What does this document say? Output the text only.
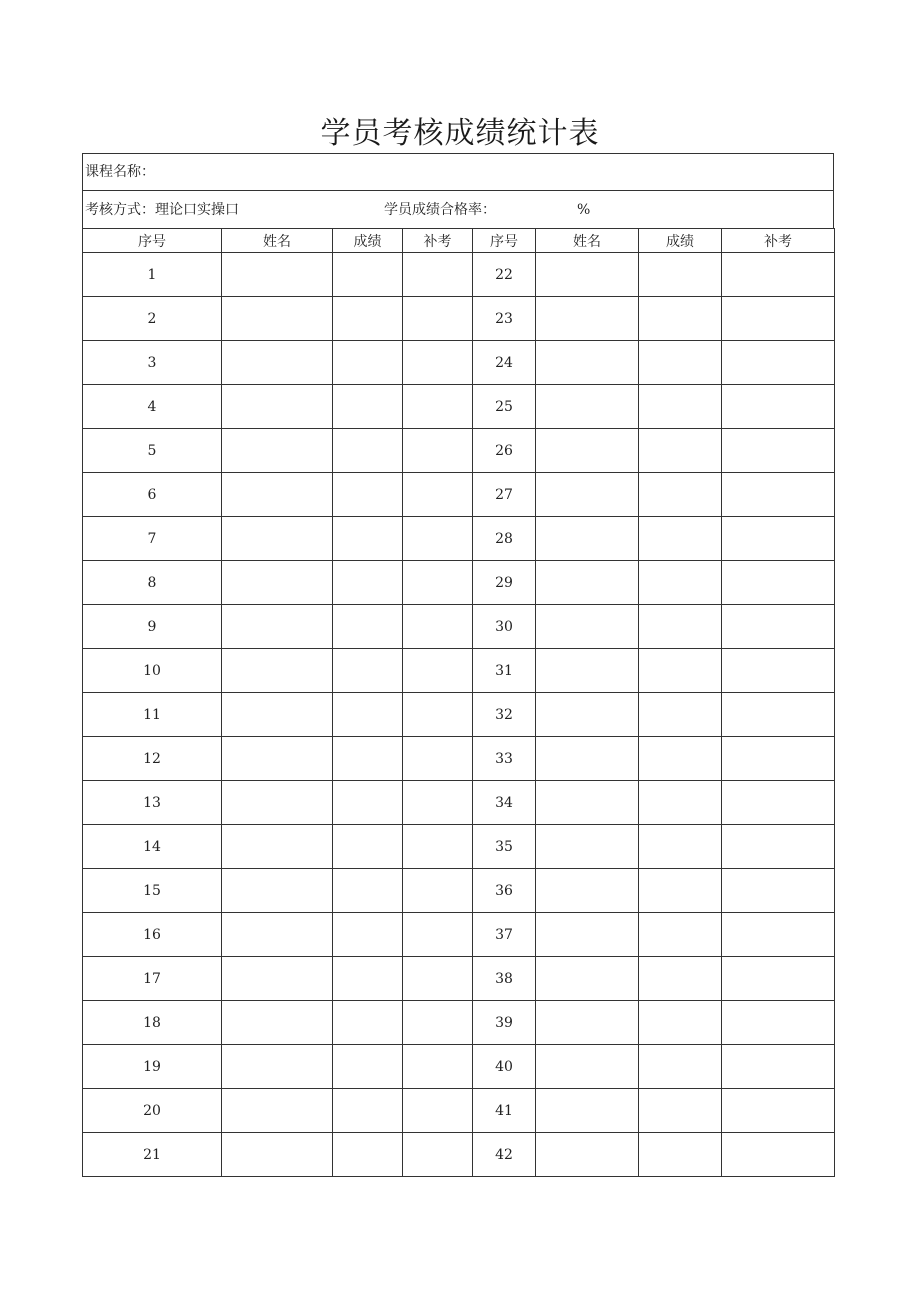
学员考核成绩统计表
课程名称：
考核方式：理论口实操口	学员成绩合格率：	%
序号	姓名	成绩	补考	序号	姓名	成绩	补考
1				22			
2				23			
3				24			
4				25			
5				26			
6				27			
7				28			
8				29			
9				30			
10				31			
11				32			
12				33			
13				34			
14				35			
15				36			
16				37			
17				38			
18				39			
19				40			
20				41			
21				42			
